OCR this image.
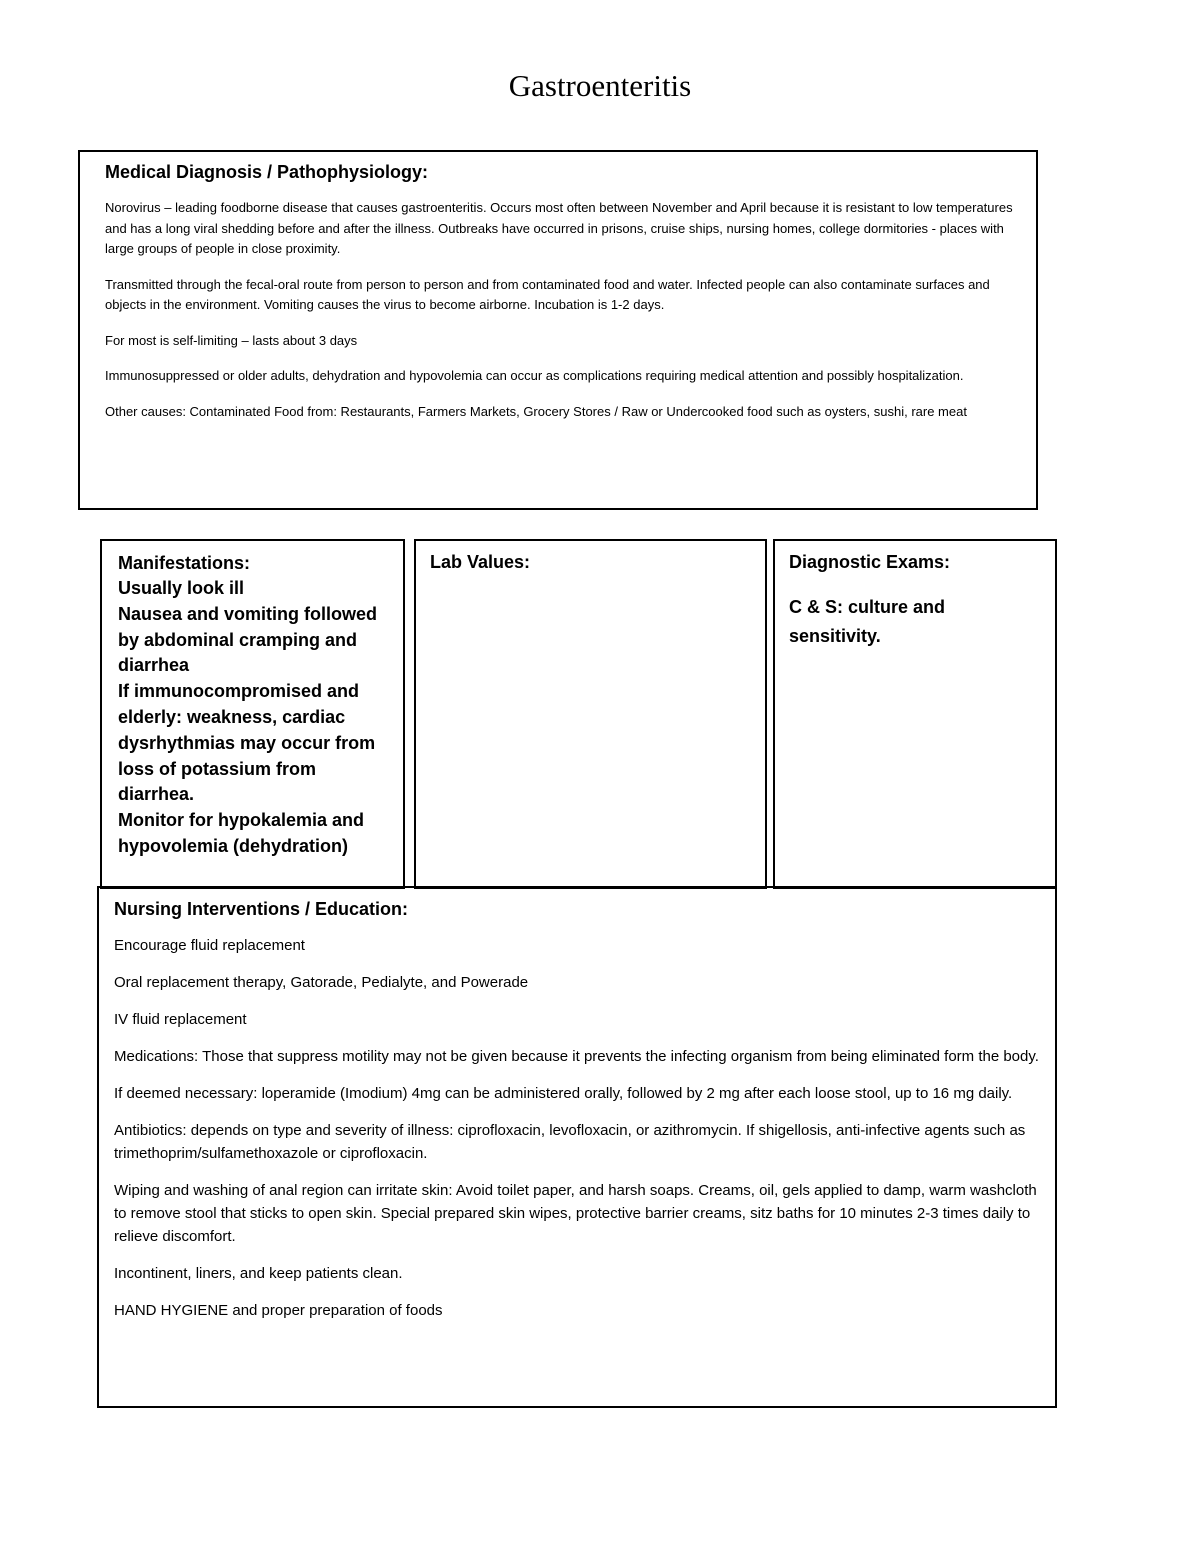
Gastroenteritis
Medical Diagnosis / Pathophysiology:

Norovirus – leading foodborne disease that causes gastroenteritis. Occurs most often between November and April because it is resistant to low temperatures and has a long viral shedding before and after the illness. Outbreaks have occurred in prisons, cruise ships, nursing homes, college dormitories - places with large groups of people in close proximity.

Transmitted through the fecal-oral route from person to person and from contaminated food and water. Infected people can also contaminate surfaces and objects in the environment. Vomiting causes the virus to become airborne. Incubation is 1-2 days.

For most is self-limiting – lasts about 3 days

Immunosuppressed or older adults, dehydration and hypovolemia can occur as complications requiring medical attention and possibly hospitalization.

Other causes: Contaminated Food from: Restaurants, Farmers Markets, Grocery Stores / Raw or Undercooked food such as oysters, sushi, rare meat

Manifestations:
Usually look ill
Nausea and vomiting followed by abdominal cramping and diarrhea
If immunocompromised and elderly: weakness, cardiac dysrhythmias may occur from loss of potassium from diarrhea.
Monitor for hypokalemia and hypovolemia (dehydration)
Lab Values:	Diagnostic Exams:

C & S: culture and sensitivity.

Nursing Interventions / Education:

Encourage fluid replacement

Oral replacement therapy, Gatorade, Pedialyte, and Powerade

IV fluid replacement

Medications: Those that suppress motility may not be given because it prevents the infecting organism from being eliminated form the body.

If deemed necessary: loperamide (Imodium) 4mg can be administered orally, followed by 2 mg after each loose stool, up to 16 mg daily.

Antibiotics: depends on type and severity of illness: ciprofloxacin, levofloxacin, or azithromycin. If shigellosis, anti-infective agents such as trimethoprim/sulfamethoxazole or ciprofloxacin.

Wiping and washing of anal region can irritate skin: Avoid toilet paper, and harsh soaps. Creams, oil, gels applied to damp, warm washcloth to remove stool that sticks to open skin. Special prepared skin wipes, protective barrier creams, sitz baths for 10 minutes 2-3 times daily to relieve discomfort.

Incontinent, liners, and keep patients clean.

HAND HYGIENE and proper preparation of foods
